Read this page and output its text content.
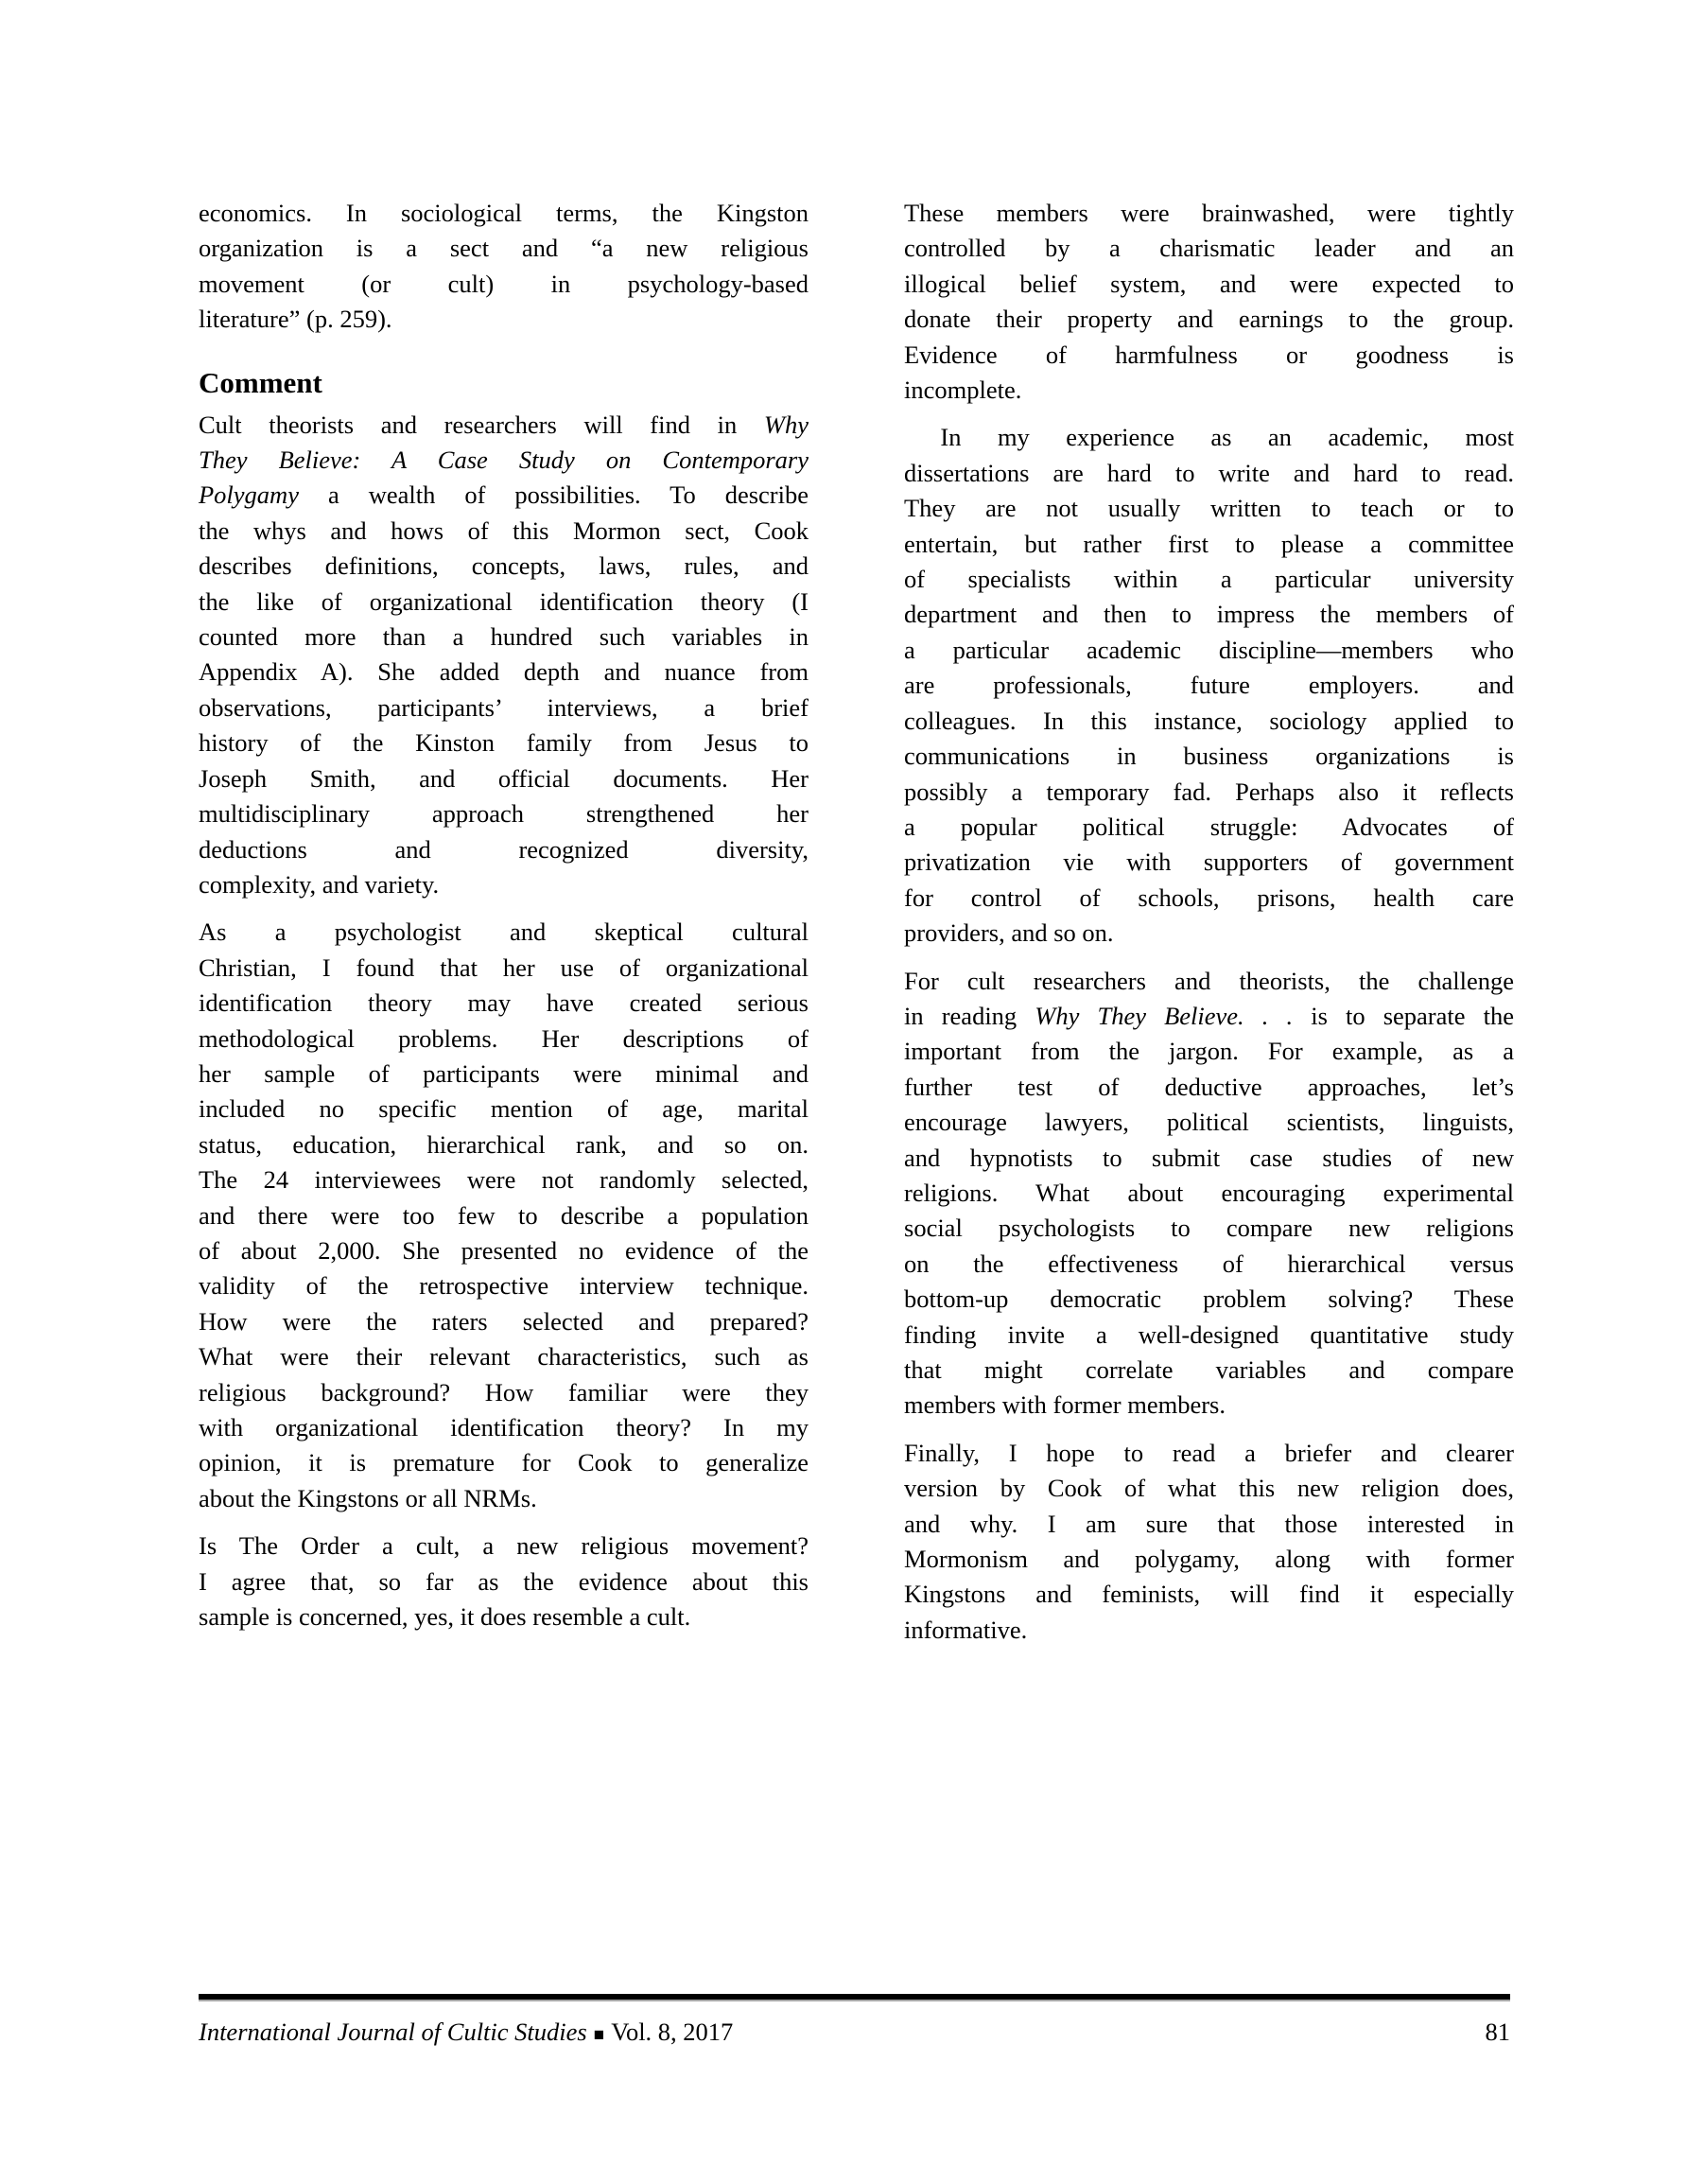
economics. In sociological terms, the Kingston
organization is a sect and “a new religious
movement (or cult) in psychology-based
literature” (p. 259).
Comment
Cult theorists and researchers will find in Why
They Believe: A Case Study on Contemporary
Polygamy a wealth of possibilities. To describe
the whys and hows of this Mormon sect, Cook
describes definitions, concepts, laws, rules, and
the like of organizational identification theory (I
counted more than a hundred such variables in
Appendix A). She added depth and nuance from
observations, participants’ interviews, a brief
history of the Kinston family from Jesus to
Joseph Smith, and official documents. Her
multidisciplinary approach strengthened her
deductions and recognized diversity,
complexity, and variety.
As a psychologist and skeptical cultural
Christian, I found that her use of organizational
identification theory may have created serious
methodological problems. Her descriptions of
her sample of participants were minimal and
included no specific mention of age, marital
status, education, hierarchical rank, and so on.
The 24 interviewees were not randomly selected,
and there were too few to describe a population
of about 2,000. She presented no evidence of the
validity of the retrospective interview technique.
How were the raters selected and prepared?
What were their relevant characteristics, such as
religious background? How familiar were they
with organizational identification theory? In my
opinion, it is premature for Cook to generalize
about the Kingstons or all NRMs.
Is The Order a cult, a new religious movement?
I agree that, so far as the evidence about this
sample is concerned, yes, it does resemble a cult.
These members were brainwashed, were tightly
controlled by a charismatic leader and an
illogical belief system, and were expected to
donate their property and earnings to the group.
Evidence of harmfulness or goodness is
incomplete.
In my experience as an academic, most
dissertations are hard to write and hard to read.
They are not usually written to teach or to
entertain, but rather first to please a committee
of specialists within a particular university
department and then to impress the members of
a particular academic discipline—members who
are professionals, future employers. and
colleagues. In this instance, sociology applied to
communications in business organizations is
possibly a temporary fad. Perhaps also it reflects
a popular political struggle: Advocates of
privatization vie with supporters of government
for control of schools, prisons, health care
providers, and so on.
For cult researchers and theorists, the challenge
in reading Why They Believe. . . is to separate the
important from the jargon. For example, as a
further test of deductive approaches, let’s
encourage lawyers, political scientists, linguists,
and hypnotists to submit case studies of new
religions. What about encouraging experimental
social psychologists to compare new religions
on the effectiveness of hierarchical versus
bottom-up democratic problem solving? These
finding invite a well-designed quantitative study
that might correlate variables and compare
members with former members.
Finally, I hope to read a briefer and clearer
version by Cook of what this new religion does,
and why. I am sure that those interested in
Mormonism and polygamy, along with former
Kingstons and feminists, will find it especially
informative.
International Journal of Cultic Studies ■ Vol. 8, 2017	81
